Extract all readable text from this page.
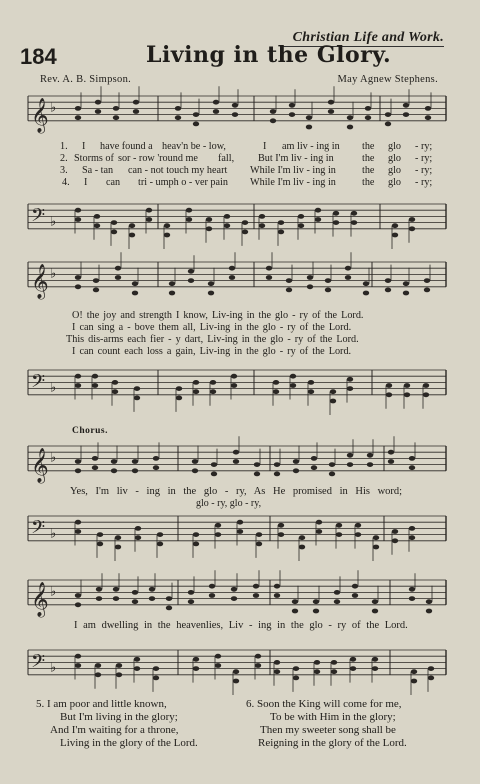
Christian Life and Work.
184	Living in the Glory.
Rev. A. B. Simpson.	May Agnew Stephens.
𝄞 ♭
𝄢 ♭
𝄞 ♭
𝄢 ♭
𝄞 ♭
𝄢 ♭
𝄞 ♭
𝄢 ♭
1. I have found a heav'n be - low,	I am liv - ing in the glo - ry;
2. Storms of sor - row 'round me fall, But I'm liv - ing in	the glo - ry;
3. Sa - tan can - not touch my heart While I'm liv - ing in	the glo - ry;
4. I can tri - umph o - ver pain While I'm liv - ing in	the glo - ry;
O! the joy and strength I know, Liv-ing in the glo - ry of the Lord.
I can sing a - bove them all, Liv-ing in the glo - ry of the Lord.
This dis-arms each fier - y dart, Liv-ing in the glo - ry of the Lord.
I can count each loss a gain, Liv-ing in the glo - ry of the Lord.
Chorus.
Yes, I'm liv - ing in the glo - ry, As He promised in His word;
glo - ry, glo - ry,
I am dwelling in the heavenlies, Liv - ing in the glo - ry of the Lord.
5. I am poor and little known,
But I'm living in the glory;
And I'm waiting for a throne,
Living in the glory of the Lord.
6. Soon the King will come for me,
To be with Him in the glory;
Then my sweeter song shall be
Reigning in the glory of the Lord.
